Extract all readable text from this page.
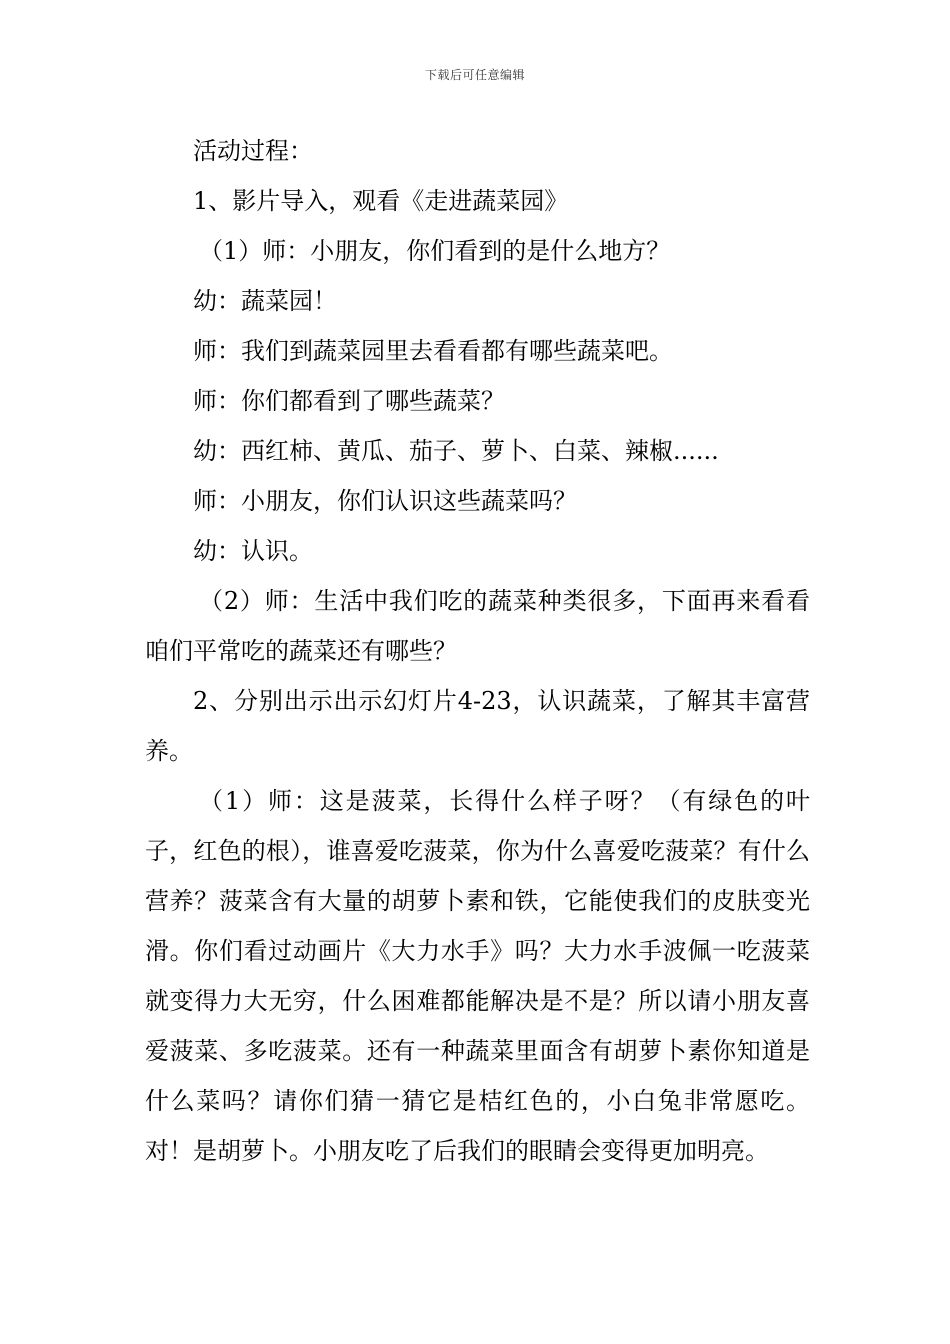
下载后可任意编辑

活动过程：

1、影片导入，观看《走进蔬菜园》

（1）师：小朋友，你们看到的是什么地方？

幼：蔬菜园！

师：我们到蔬菜园里去看看都有哪些蔬菜吧。

师：你们都看到了哪些蔬菜？

幼：西红柿、黄瓜、茄子、萝卜、白菜、辣椒......

师：小朋友，你们认识这些蔬菜吗？

幼：认识。

（2）师：生活中我们吃的蔬菜种类很多，下面再来看看咱们平常吃的蔬菜还有哪些？

2、分别出示出示幻灯片4-23，认识蔬菜，了解其丰富营养。

（1）师：这是菠菜，长得什么样子呀？（有绿色的叶子，红色的根），谁喜爱吃菠菜，你为什么喜爱吃菠菜？有什么营养？菠菜含有大量的胡萝卜素和铁，它能使我们的皮肤变光滑。你们看过动画片《大力水手》吗？大力水手波佩一吃菠菜就变得力大无穷，什么困难都能解决是不是？所以请小朋友喜爱菠菜、多吃菠菜。还有一种蔬菜里面含有胡萝卜素你知道是什么菜吗？请你们猜一猜它是桔红色的，小白兔非常愿吃。对！是胡萝卜。小朋友吃了后我们的眼睛会变得更加明亮。
